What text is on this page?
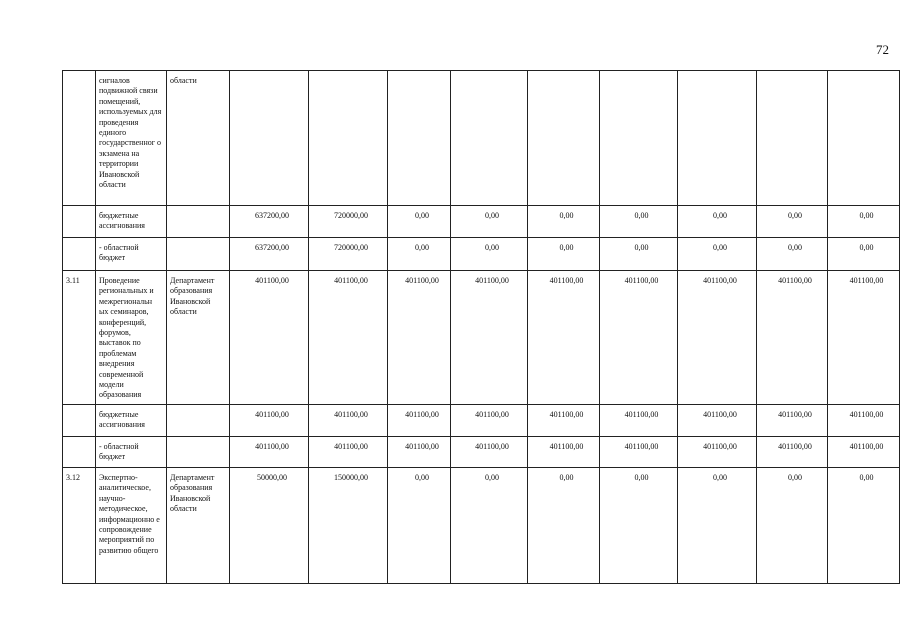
72
	сигналов подвижной связи помещений, используемых для проведения единого государственног о экзамена на территории Ивановской области	области									
	бюджетные ассигнования		637200,00	720000,00	0,00	0,00	0,00	0,00	0,00	0,00	0,00
	- областной бюджет		637200,00	720000,00	0,00	0,00	0,00	0,00	0,00	0,00	0,00
3.11	Проведение региональных и межрегиональн ых семинаров, конференций, форумов, выставок по проблемам внедрения современной модели образования	Департамент образования Ивановской области	401100,00	401100,00	401100,00	401100,00	401100,00	401100,00	401100,00	401100,00	401100,00
	бюджетные ассигнования		401100,00	401100,00	401100,00	401100,00	401100,00	401100,00	401100,00	401100,00	401100,00
	- областной бюджет		401100,00	401100,00	401100,00	401100,00	401100,00	401100,00	401100,00	401100,00	401100,00
3.12	Экспертно-аналитическое, научно-методическое, информационно е сопровождение мероприятий по развитию общего	Департамент образования Ивановской области	50000,00	150000,00	0,00	0,00	0,00	0,00	0,00	0,00	0,00
